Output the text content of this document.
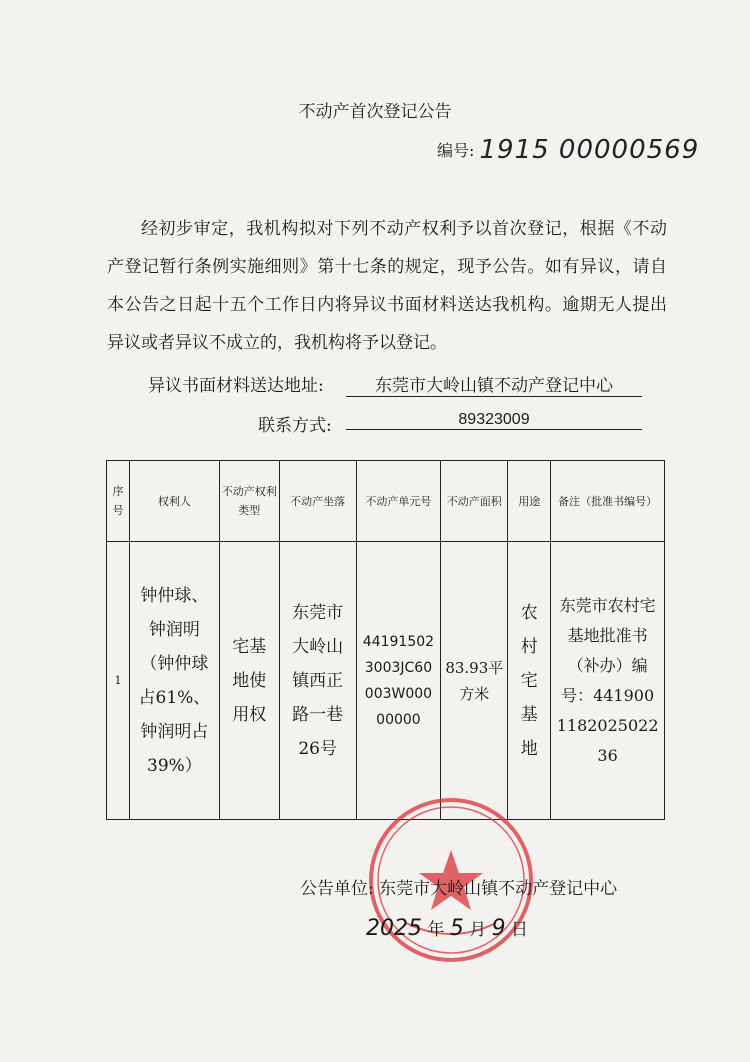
不动产首次登记公告
编号: 1915 00000569

经初步审定，我机构拟对下列不动产权利予以首次登记，根据《不动产登记暂行条例实施细则》第十七条的规定，现予公告。如有异议，请自本公告之日起十五个工作日内将异议书面材料送达我机构。逾期无人提出异议或者异议不成立的，我机构将予以登记。

异议书面材料送达地址:	东莞市大岭山镇不动产登记中心
联系方式:	89323009
序号	权利人	不动产权利类型	不动产坐落	不动产单元号	不动产面积	用途	备注（批准书编号）
1	钟仲球、钟润明（钟仲球占61%、钟润明占39%）	宅基地使用权	东莞市大岭山镇西正路一巷26号	441915023003JC60003W00000000	83.93平方米	农村宅基地	东莞市农村宅基地批准书（补办）编号：441900118202502236
公告单位: 东莞市大岭山镇不动产登记中心
2025 年 5 月 9 日
